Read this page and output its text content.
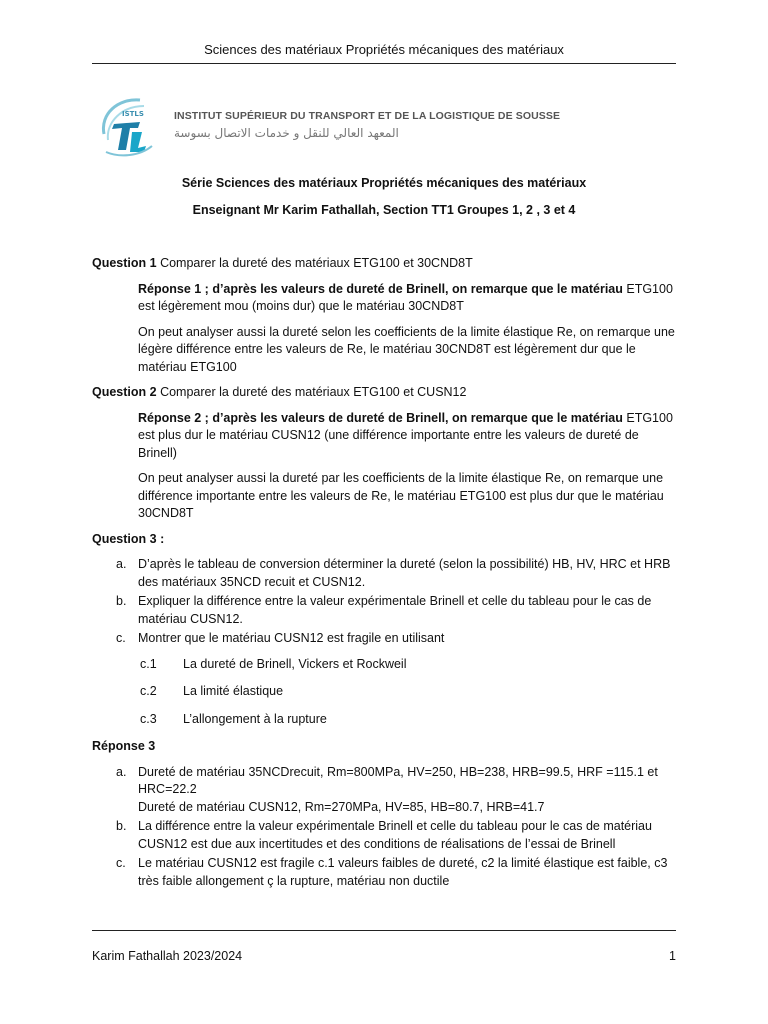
Sciences des matériaux Propriétés mécaniques des matériaux
ISTLS	INSTITUT SUPÉRIEUR DU TRANSPORT ET DE LA LOGISTIQUE DE SOUSSE
المعهد العالي للنقل و خدمات الاتصال بسوسة
Série Sciences des matériaux Propriétés mécaniques des matériaux
Enseignant Mr Karim Fathallah, Section TT1 Groupes 1, 2 , 3 et 4

Question 1 Comparer la dureté des matériaux ETG100 et 30CND8T

Réponse 1 ; d’après les valeurs de dureté de Brinell, on remarque que le matériau ETG100 est légèrement mou (moins dur) que le matériau 30CND8T

On peut analyser aussi la dureté selon les coefficients de la limite élastique Re, on remarque une légère différence entre les valeurs de Re, le matériau 30CND8T est légèrement dur que le matériau ETG100

Question 2 Comparer la dureté des matériaux ETG100 et CUSN12

Réponse 2 ; d’après les valeurs de dureté de Brinell, on remarque que le matériau ETG100 est plus dur le matériau CUSN12 (une différence importante entre les valeurs de dureté de Brinell)

On peut analyser aussi la dureté par les coefficients de la limite élastique Re, on remarque une différence importante entre les valeurs de Re, le matériau ETG100 est plus dur que le matériau 30CND8T

Question 3 :

a. D’après le tableau de conversion déterminer la dureté (selon la possibilité) HB, HV, HRC et HRB des matériaux 35NCD recuit et CUSN12.
b. Expliquer la différence entre la valeur expérimentale Brinell et celle du tableau pour le cas de matériau CUSN12.
c. Montrer que le matériau CUSN12 est fragile en utilisant
c.1	La dureté de Brinell, Vickers et Rockweil
c.2	La limité élastique
c.3	L’allongement à la rupture

Réponse 3

a. Dureté de matériau 35NCDrecuit, Rm=800MPa, HV=250, HB=238, HRB=99.5, HRF =115.1 et HRC=22.2
Dureté de matériau CUSN12, Rm=270MPa, HV=85, HB=80.7, HRB=41.7
b. La différence entre la valeur expérimentale Brinell et celle du tableau pour le cas de matériau CUSN12 est due aux incertitudes et des conditions de réalisations de l’essai de Brinell
c. Le matériau CUSN12 est fragile c.1 valeurs faibles de dureté, c2 la limité élastique est faible, c3 très faible allongement ç la rupture, matériau non ductile
Karim Fathallah 2023/2024	1
